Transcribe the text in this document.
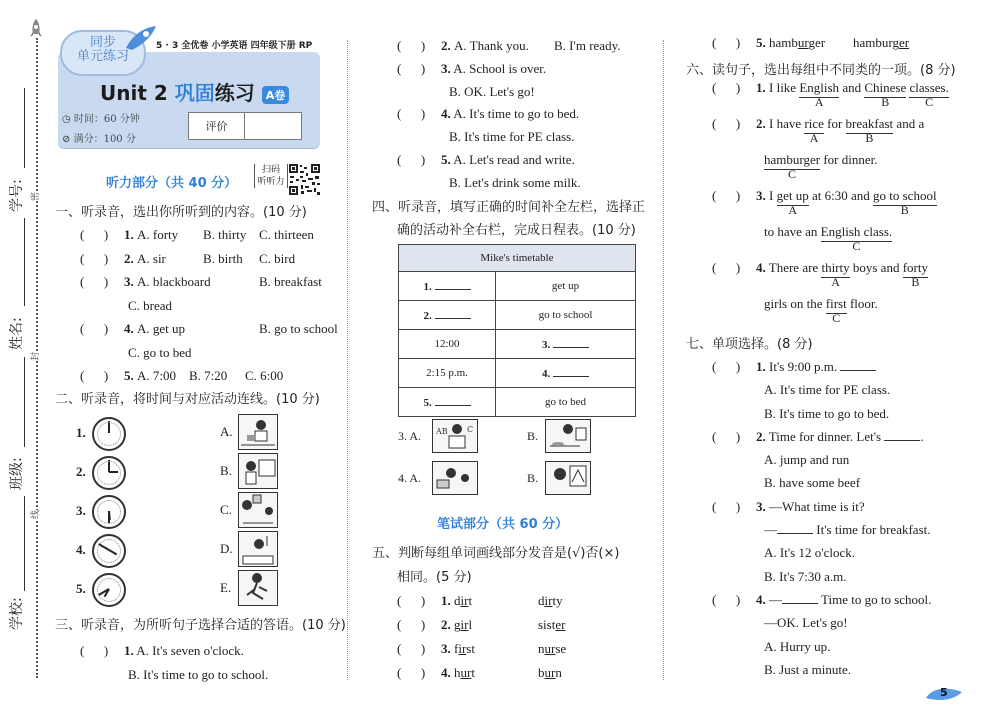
学号:
姓名:
班级:
学校:
密
封
线
同步
单元练习
5 · 3 全优卷 小学英语 四年级下册 RP
Unit 2 巩固练习 A卷
◷ 时间：60 分钟
⊘ 满分：100 分
评价
听力部分（共 40 分）
扫码
听听力
一、听录音，选出你所听到的内容。(10 分)
(      ) 1. A. forty B. thirty C. thirteen
(      ) 2. A. sir	B. birth C. bird
(      ) 3. A. blackboard	B. breakfast
C. bread
(      ) 4. A. get up	B. go to school
C. go to bed
(      ) 5. A. 7:00 B. 7:20 C. 6:00
二、听录音，将时间与对应活动连线。(10 分)
1.
2.
3.
4.
5.
A.
B.
C.
D.
E.
三、听录音，为所听句子选择合适的答语。(10 分)
(      ) 1. A. It's seven o'clock.
B. It's time to go to school.
(      ) 2. A. Thank you. B. I'm ready.
(      ) 3. A. School is over.
B. OK. Let's go!
(      ) 4. A. It's time to go to bed.
B. It's time for PE class.
(      ) 5. A. Let's read and write.
B. Let's drink some milk.
四、听录音，填写正确的时间补全左栏，选择正
确的活动补全右栏，完成日程表。(10 分)
Mike's timetable	
1.	get up
2.	go to school
12:00	3.
2:15 p.m.	4.
5.	go to bed
3. A. AB C	B.
4. A.	B.
笔试部分（共 60 分）
五、判断每组单词画线部分发音是(√)否(×)
相同。(5 分)
(      ) 1. dirt	dirty
(      ) 2. girl	sister
(      ) 3. first	nurse
(      ) 4. hurt	burn
(      ) 5. hamburger hamburger
六、读句子，选出每组中不同类的一项。(8 分)
(      ) 1. I like English
A
and Chinese
B
classes.
C
(      ) 2. I have rice
A
for breakfast
B
and a
hamburger
C
for dinner.
(      ) 3. I get up
A
at 6:30 and go to school
B
to have an English class.
C
(      ) 4. There are thirty
A
boys and forty
B
girls on the first
C
floor.
七、单项选择。(8 分)
(      ) 1. It's 9:00 p.m.
A. It's time for PE class.
B. It's time to go to bed.
(      ) 2. Time for dinner. Let's	.
A. jump and run
B. have some beef
(      ) 3. —What time is it?
—	It's time for breakfast.
A. It's 12 o'clock.
B. It's 7:30 a.m.
(      ) 4. —	Time to go to school.
—OK. Let's go!
A. Hurry up.
B. Just a minute.
5
